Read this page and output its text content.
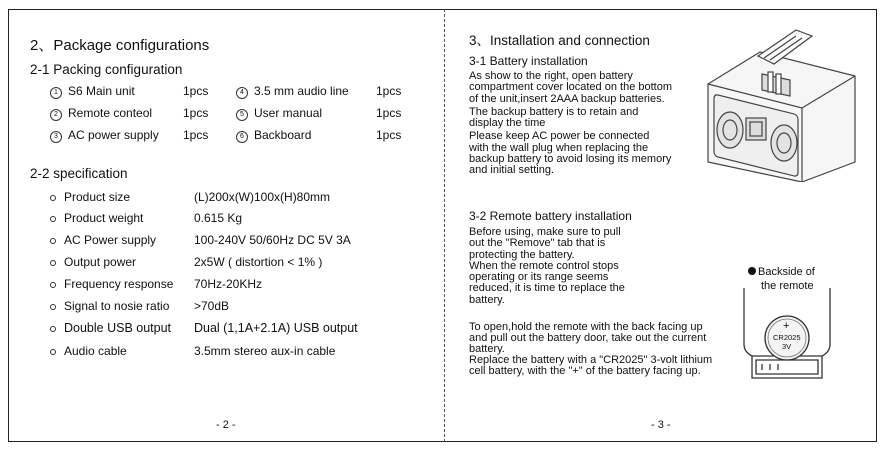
2、Package configurations
2-1 Packing configuration
1 S6 Main unit	1pcs
2 Remote conteol	1pcs
3 AC power supply 1pcs
4 3.5 mm audio line 1pcs
5 User manual	1pcs
6 Backboard	1pcs
2-2 specification
Product size	(L)200x(W)100x(H)80mm
Product weight	0.615 Kg
AC Power supply	100-240V 50/60Hz DC 5V 3A
Output power	2x5W ( distortion < 1% )
Frequency response 70Hz-20KHz
Signal to nosie ratio >70dB
Double USB output Dual (1,1A+2.1A) USB output
Audio cable	3.5mm stereo aux-in cable
- 2 -
3、Installation and connection
3-1 Battery installation
As show to the right, open battery
compartment cover located on the bottom
of the unit,insert 2AAA backup batteries.
The backup battery is to retain and
display the time
Please keep AC power be connected
with the wall plug when replacing the
backup battery to avoid losing its memory
and initial setting.
3-2 Remote battery installation
Before using, make sure to pull
out the "Remove" tab that is
protecting the battery.
When the remote control stops
operating or its range seems
reduced, it is time to replace the
battery.
To open,hold the remote with the back facing up
and pull out the battery door, take out the current
battery.
Replace the battery with a "CR2025" 3-volt lithium
cell battery, with the "+" of the battery facing up.
Backside of
the remote
+
CR2025
3V
- 3 -
